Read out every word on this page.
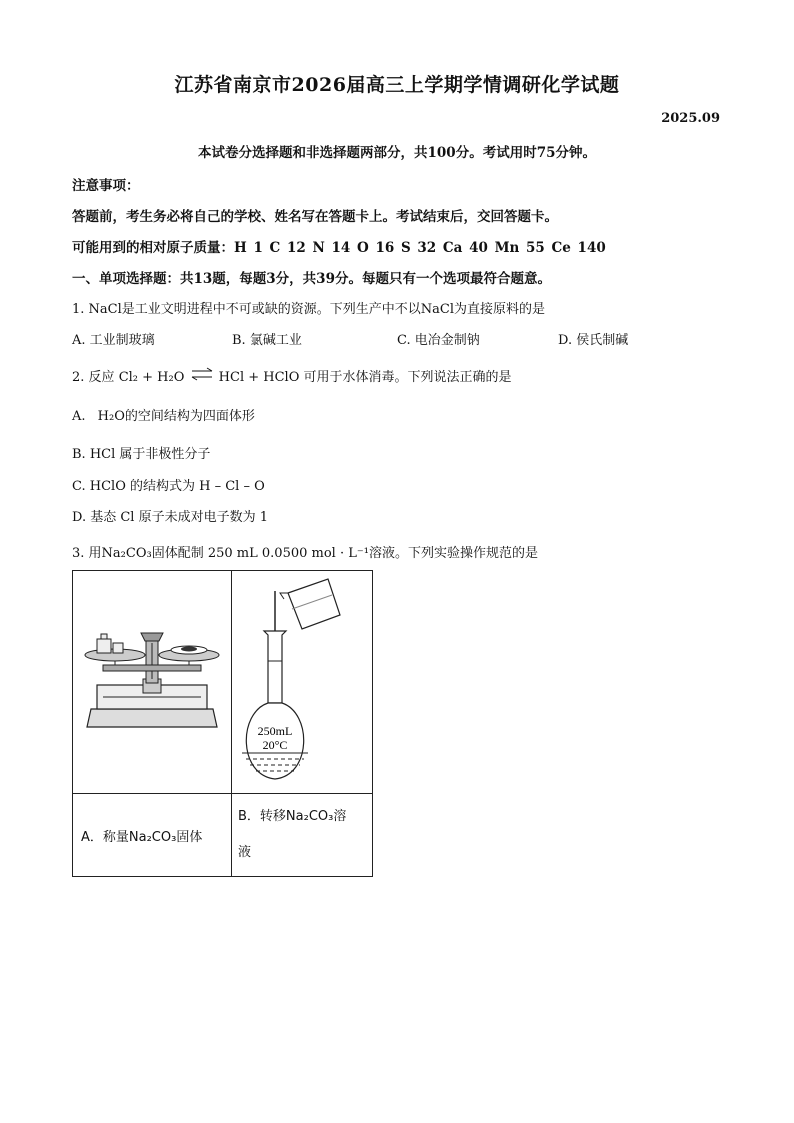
江苏省南京市2026届高三上学期学情调研化学试题
2025.09
本试卷分选择题和非选择题两部分，共100分。考试用时75分钟。
注意事项：
答题前，考生务必将自己的学校、姓名写在答题卡上。考试结束后，交回答题卡。
可能用到的相对原子质量：H 1 C 12 N 14 O 16 S 32 Ca 40 Mn 55 Ce 140
一、单项选择题：共13题，每题3分，共39分。每题只有一个选项最符合题意。
1. NaCl是工业文明进程中不可或缺的资源。下列生产中不以NaCl为直接原料的是
A. 工业制玻璃	B. 氯碱工业	C. 电冶金制钠	D. 侯氏制碱
2. 反应 Cl₂ + H₂O ⇌ HCl + HClO 可用于水体消毒。下列说法正确的是
A. H₂O的空间结构为四面体形
B. HCl 属于非极性分子
C. HClO 的结构式为 H – Cl – O
D. 基态 Cl 原子未成对电子数为 1
3. 用Na₂CO₃固体配制 250 mL 0.0500 mol · L⁻¹溶液。下列实验操作规范的是

250mL
20°C

A．称量Na₂CO₃固体	B．转移Na₂CO₃溶
液
